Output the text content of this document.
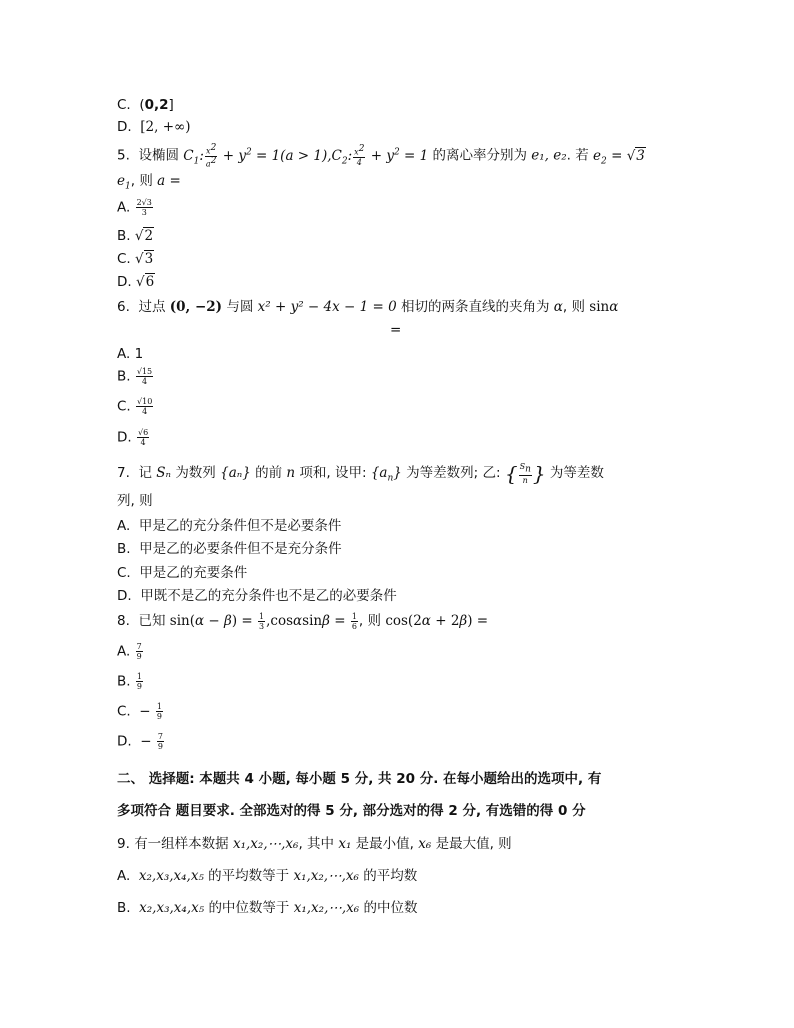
C.  (0,2]
D.  [2, +∞)
5. 设椭圆 $C_1$: $\frac{x^2}{a^2} + y^2 = 1(a > 1),C_2$: $\frac{x^2}{4} + y^2 = 1$ 的离心率分别为 e₁, e₂. 若 $e_2 = √3$
$e_1$, 则 a =
A. $\frac{2√3}{3}$
B. √2
C. √3
D. √6
6. 过点 (0, −2) 与圆 x² + y² − 4x − 1 = 0 相切的两条直线的夹角为 α, 则 sinα
=
A. 1
B. $\frac{√15}{4}$
C. $\frac{√10}{4}$
D. $\frac{√6}{4}$
7. 记 Sₙ 为数列 {aₙ} 的前 n 项和, 设甲: $\{a_n\}$ 为等差数列; 乙: { $\frac{S_n}{n}$ } 为等差数
列, 则
A. 甲是乙的充分条件但不是必要条件
B. 甲是乙的必要条件但不是充分条件
C. 甲是乙的充要条件
D. 甲既不是乙的充分条件也不是乙的必要条件
8. 已知 $\sin(\alpha - \beta) = \frac{1}{3} ,\cos\alpha\sin\beta = \frac{1}{6}$ , 则 cos(2α + 2β) =
A. $\frac{7}{9}$
B. $\frac{1}{9}$
C.  − $\frac{1}{9}$
D.  − $\frac{7}{9}$
二、 选择题: 本题共 4 小题, 每小题 5 分, 共 20 分. 在每小题给出的选项中, 有
多项符合 题目要求. 全部选对的得 5 分, 部分选对的得 2 分, 有选错的得 0 分
9. 有一组样本数据 x₁,x₂,⋯,x₆, 其中 x₁ 是最小值, x₆ 是最大值, 则
A. x₂,x₃,x₄,x₅ 的平均数等于 x₁,x₂,⋯,x₆ 的平均数
B. x₂,x₃,x₄,x₅ 的中位数等于 x₁,x₂,⋯,x₆ 的中位数
